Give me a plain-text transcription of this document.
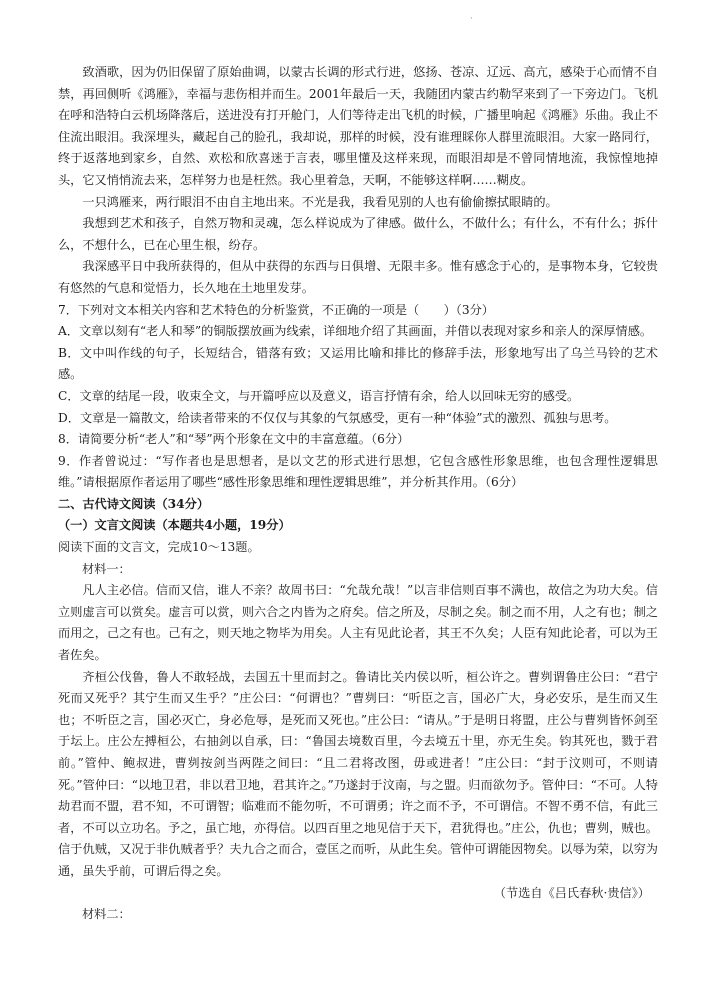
·

致酒歌，因为仍旧保留了原始曲调，以蒙古长调的形式行进，悠扬、苍凉、辽远、高亢，感染于心而情不自禁，再回侧听《鸿雁》，幸福与悲伤相并而生。2001年最后一天，我随团内蒙古约勒罕来到了一下旁边门。飞机在呼和浩特白云机场降落后，送进没有打开舱门，人们等待走出飞机的时候，广播里响起《鸿雁》乐曲。我止不住流出眼泪。我深埋头，藏起自己的脸孔，我却说，那样的时候，没有谁理睬你人群里流眼泪。大家一路同行，终于返落地到家乡，自然、欢松和欣喜迷于言表，哪里懂及这样来现，而眼泪却是不曾同情地流，我惊惶地掉头，它又悄悄流去来，怎样努力也是枉然。我心里着急，天啊，不能够这样啊……糊皮。

一只鸿雁来，两行眼泪不由自主地出来。不光是我，我看见别的人也有偷偷擦拭眼睛的。

我想到艺术和孩子，自然万物和灵魂，怎么样说成为了律感。做什么，不做什么；有什么，不有什么；拆什么，不想什么，已在心里生根，纷存。

我深感平日中我所获得的，但从中获得的东西与日俱增、无限丰多。惟有感念于心的，是事物本身，它较贵有悠然的气息和觉悟力，长久地在土地里发芽。

7．下列对文本相关内容和艺术特色的分析鉴赏，不正确的一项是（　　）（3分）

A．文章以刻有“老人和琴”的铜版摆放画为线索，详细地介绍了其画面，并借以表现对家乡和亲人的深厚情感。

B．文中叫作线的句子，长短结合，错落有致；又运用比喻和排比的修辞手法，形象地写出了乌兰马铃的艺术感。

C．文章的结尾一段，收束全文，与开篇呼应以及意义，语言抒情有余，给人以回味无穷的感受。

D．文章是一篇散文，给读者带来的不仅仅与其象的气氛感受，更有一种“体验”式的激烈、孤独与思考。

8．请简要分析“老人”和“琴”两个形象在文中的丰富意蕴。（6分）

9．作者曾说过：“写作者也是思想者，是以文艺的形式进行思想，它包含感性形象思维，也包含理性逻辑思维。”请根据原作者运用了哪些“感性形象思维和理性逻辑思维”，并分析其作用。（6分）

二、古代诗文阅读（34分）

（一）文言文阅读（本题共4小题，19分）

阅读下面的文言文，完成10～13题。

材料一：

凡人主必信。信而又信，谁人不亲？故周书曰：“允哉允哉！”以言非信则百事不满也，故信之为功大矣。信立则虚言可以赏矣。虚言可以赏，则六合之内皆为之府矣。信之所及，尽制之矣。制之而不用，人之有也；制之而用之，己之有也。己有之，则天地之物毕为用矣。人主有见此论者，其王不久矣；人臣有知此论者，可以为王者佐矣。

齐桓公伐鲁，鲁人不敢轻战，去国五十里而封之。鲁请比关内侯以听，桓公许之。曹刿谓鲁庄公曰：“君宁死而又死乎？其宁生而又生乎？”庄公曰：“何谓也？”曹刿曰：“听臣之言，国必广大，身必安乐，是生而又生也；不听臣之言，国必灭亡，身必危辱，是死而又死也。”庄公曰：“请从。”于是明日将盟，庄公与曹刿皆怀剑至于坛上。庄公左搏桓公，右抽剑以自承，曰：“鲁国去境数百里，今去境五十里，亦无生矣。钧其死也，戮于君前。”管仲、鲍叔进，曹刿按剑当两陛之间曰：“且二君将改图，毋或进者！”庄公曰：“封于汶则可，不则请死。”管仲曰：“以地卫君，非以君卫地，君其许之。”乃遂封于汶南，与之盟。归而欲勿予。管仲曰：“不可。人特劫君而不盟，君不知，不可谓智；临难而不能勿听，不可谓勇；许之而不予，不可谓信。不智不勇不信，有此三者，不可以立功名。予之，虽亡地，亦得信。以四百里之地见信于天下，君犹得也。”庄公，仇也；曹刿，贼也。信于仇贼，又况于非仇贼者乎？夫九合之而合，壹匡之而听，从此生矣。管仲可谓能因物矣。以辱为荣，以穷为通，虽失乎前，可谓后得之矣。

（节选自《吕氏春秋·贵信》）

材料二：
